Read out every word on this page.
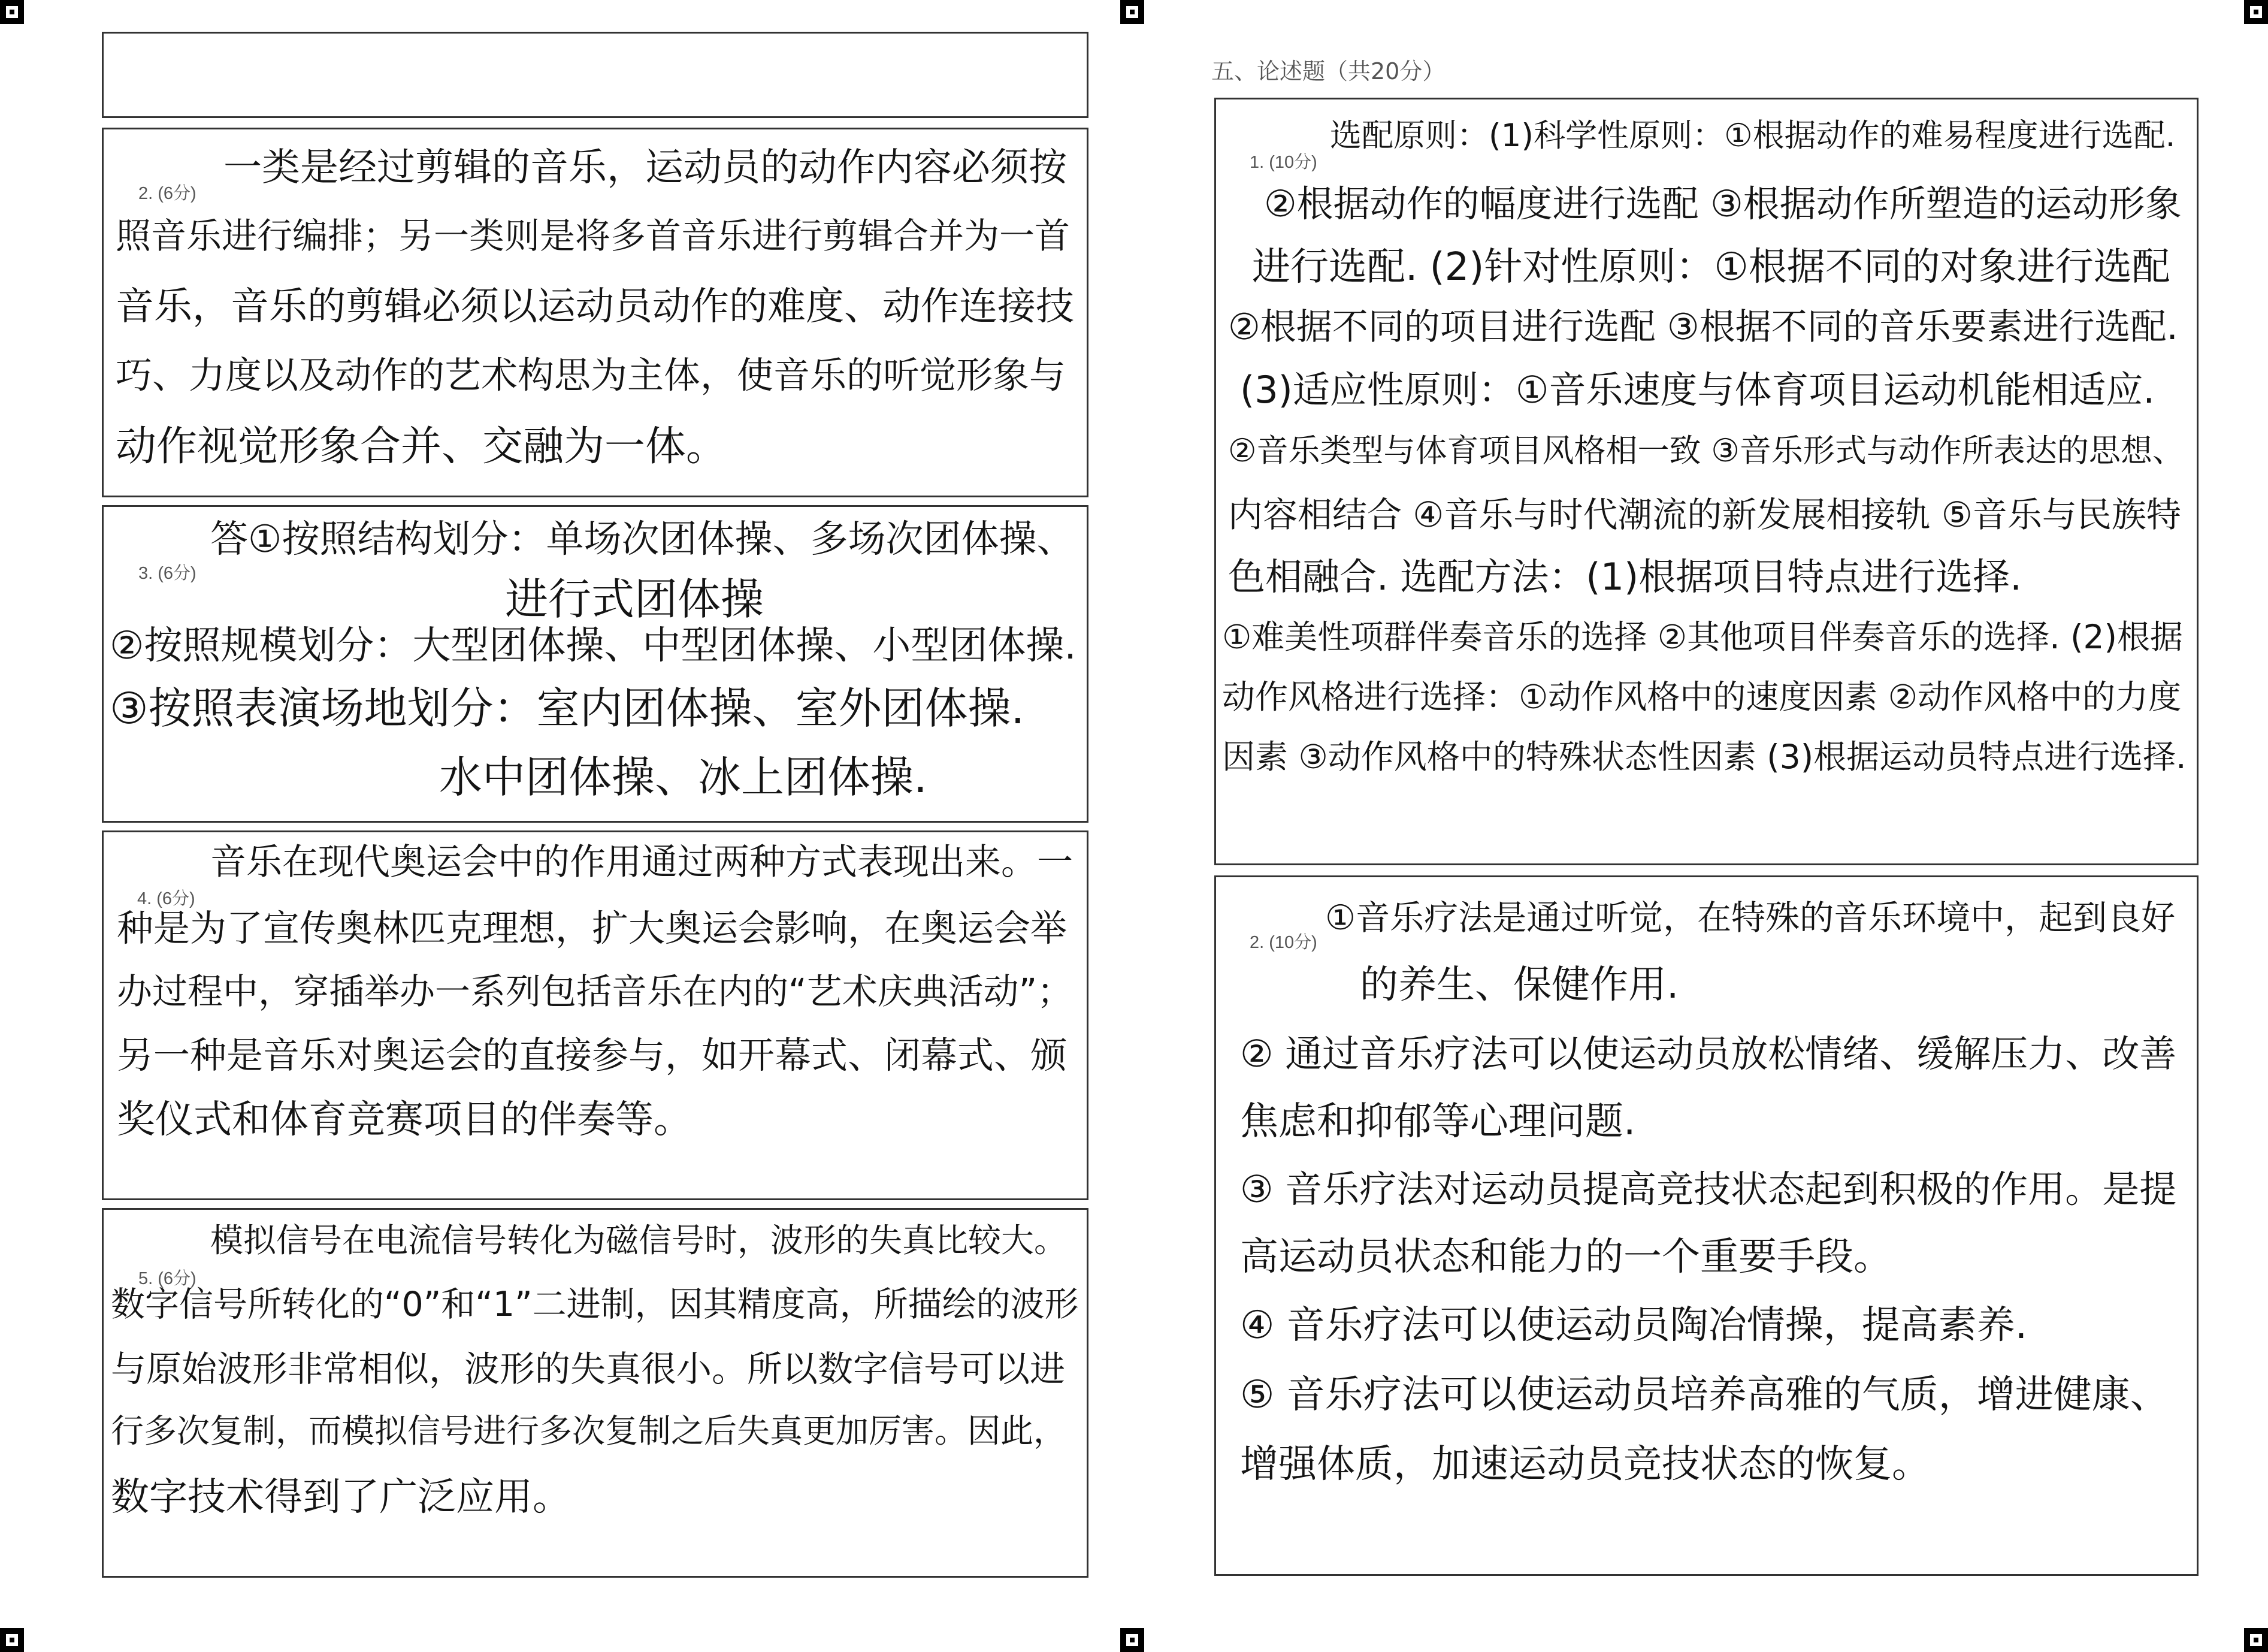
2. (6分)
一类是经过剪辑的音乐，运动员的动作内容必须按
照音乐进行编排；另一类则是将多首音乐进行剪辑合并为一首
音乐，音乐的剪辑必须以运动员动作的难度、动作连接技
巧、力度以及动作的艺术构思为主体，使音乐的听觉形象与
动作视觉形象合并、交融为一体。
3. (6分)
答①按照结构划分：单场次团体操、多场次团体操、
进行式团体操
②按照规模划分：大型团体操、中型团体操、小型团体操.
③按照表演场地划分：室内团体操、室外团体操.
水中团体操、冰上团体操.
4. (6分)
音乐在现代奥运会中的作用通过两种方式表现出来。一
种是为了宣传奥林匹克理想，扩大奥运会影响，在奥运会举
办过程中，穿插举办一系列包括音乐在内的“艺术庆典活动”；
另一种是音乐对奥运会的直接参与，如开幕式、闭幕式、颁
奖仪式和体育竞赛项目的伴奏等。
5. (6分)
模拟信号在电流信号转化为磁信号时，波形的失真比较大。
数字信号所转化的“0”和“1”二进制，因其精度高，所描绘的波形
与原始波形非常相似，波形的失真很小。所以数字信号可以进
行多次复制，而模拟信号进行多次复制之后失真更加厉害。因此，
数字技术得到了广泛应用。
五、论述题（共20分）
1. (10分)
选配原则：(1)科学性原则：①根据动作的难易程度进行选配.
②根据动作的幅度进行选配 ③根据动作所塑造的运动形象
进行选配. (2)针对性原则：①根据不同的对象进行选配
②根据不同的项目进行选配 ③根据不同的音乐要素进行选配.
(3)适应性原则：①音乐速度与体育项目运动机能相适应.
②音乐类型与体育项目风格相一致 ③音乐形式与动作所表达的思想、
内容相结合 ④音乐与时代潮流的新发展相接轨 ⑤音乐与民族特
色相融合. 选配方法：(1)根据项目特点进行选择.
①难美性项群伴奏音乐的选择 ②其他项目伴奏音乐的选择. (2)根据
动作风格进行选择：①动作风格中的速度因素 ②动作风格中的力度
因素 ③动作风格中的特殊状态性因素 (3)根据运动员特点进行选择.
2. (10分)
①音乐疗法是通过听觉，在特殊的音乐环境中，起到良好
的养生、保健作用.
② 通过音乐疗法可以使运动员放松情绪、缓解压力、改善
焦虑和抑郁等心理问题.
③ 音乐疗法对运动员提高竞技状态起到积极的作用。是提
高运动员状态和能力的一个重要手段。
④ 音乐疗法可以使运动员陶冶情操，提高素养.
⑤ 音乐疗法可以使运动员培养高雅的气质，增进健康、
增强体质，加速运动员竞技状态的恢复。
